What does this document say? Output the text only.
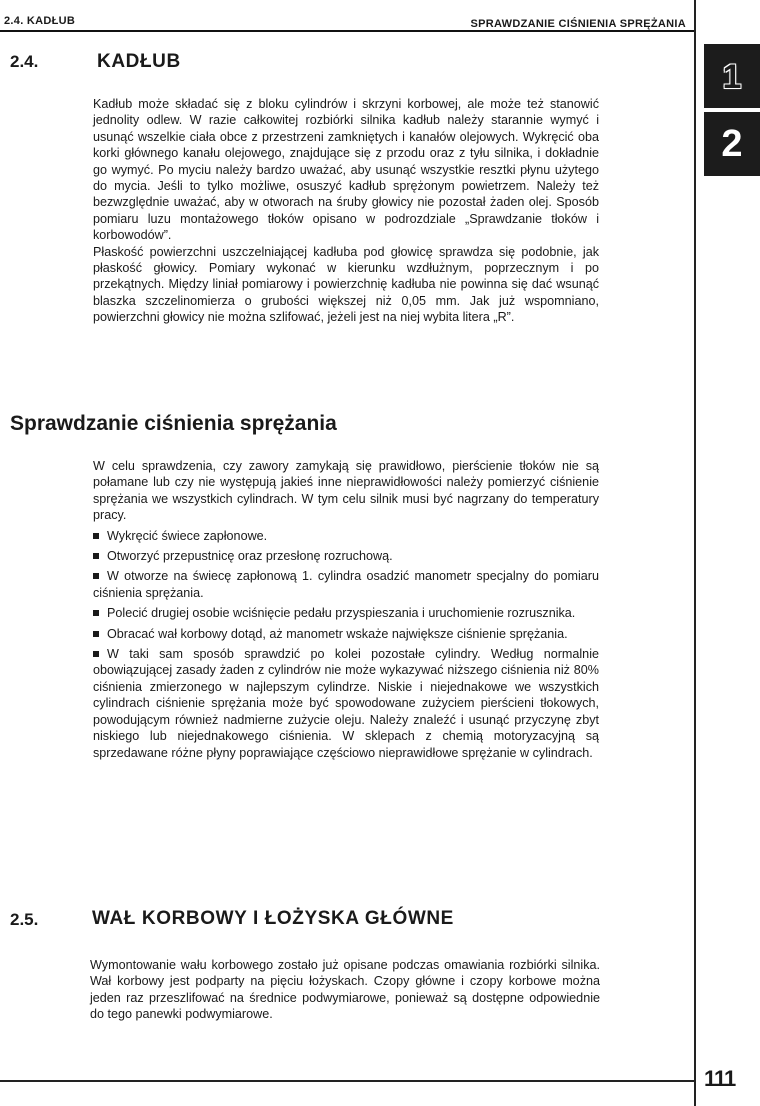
2.4. KADŁUB	SPRAWDZANIE CIŚNIENIA SPRĘŻANIA
1
2
2.4.	KADŁUB

Kadłub może składać się z bloku cylindrów i skrzyni korbowej, ale może też stanowić jednolity odlew. W razie całkowitej rozbiórki silnika kadłub należy starannie wymyć i usunąć wszelkie ciała obce z przestrzeni zamkniętych i kanałów olejowych. Wykręcić oba korki głównego kanału olejowego, znajdujące się z przodu oraz z tyłu silnika, i dokładnie go wymyć. Po myciu należy bardzo uważać, aby usunąć wszystkie resztki płynu użytego do mycia. Jeśli to tylko możliwe, osuszyć kadłub sprężonym powietrzem. Należy też bezwzględnie uważać, aby w otworach na śruby głowicy nie pozostał żaden olej. Sposób pomiaru luzu montażowego tłoków opisano w podrozdziale „Sprawdzanie tłoków i korbowodów”.

Płaskość powierzchni uszczelniającej kadłuba pod głowicę sprawdza się podobnie, jak płaskość głowicy. Pomiary wykonać w kierunku wzdłużnym, poprzecznym i po przekątnych. Między liniał pomiarowy i powierzchnię kadłuba nie powinna się dać wsunąć blaszka szczelinomierza o grubości większej niż 0,05 mm. Jak już wspomniano, powierzchni głowicy nie można szlifować, jeżeli jest na niej wybita litera „R”.

Sprawdzanie ciśnienia sprężania

W celu sprawdzenia, czy zawory zamykają się prawidłowo, pierścienie tłoków nie są połamane lub czy nie występują jakieś inne nieprawidłowości należy pomierzyć ciśnienie sprężania we wszystkich cylindrach. W tym celu silnik musi być nagrzany do temperatury pracy.

Wykręcić świece zapłonowe.

Otworzyć przepustnicę oraz przesłonę rozruchową.

W otworze na świecę zapłonową 1. cylindra osadzić manometr specjalny do pomiaru ciśnienia sprężania.

Polecić drugiej osobie wciśnięcie pedału przyspieszania i uruchomienie rozrusznika.

Obracać wał korbowy dotąd, aż manometr wskaże największe ciśnienie sprężania.

W taki sam sposób sprawdzić po kolei pozostałe cylindry. Według normalnie obowiązującej zasady żaden z cylindrów nie może wykazywać niższego ciśnienia niż 80% ciśnienia zmierzonego w najlepszym cylindrze. Niskie i niejednakowe we wszystkich cylindrach ciśnienie sprężania może być spowodowane zużyciem pierścieni tłokowych, powodującym również nadmierne zużycie oleju. Należy znaleźć i usunąć przyczynę zbyt niskiego lub niejednakowego ciśnienia. W sklepach z chemią motoryzacyjną są sprzedawane różne płyny poprawiające częściowo nieprawidłowe sprężanie w cylindrach.

2.5.	WAŁ KORBOWY I ŁOŻYSKA GŁÓWNE

Wymontowanie wału korbowego zostało już opisane podczas omawiania rozbiórki silnika. Wał korbowy jest podparty na pięciu łożyskach. Czopy główne i czopy korbowe można jeden raz przeszlifować na średnice podwymiarowe, ponieważ są dostępne odpowiednie do tego panewki podwymiarowe.

111
